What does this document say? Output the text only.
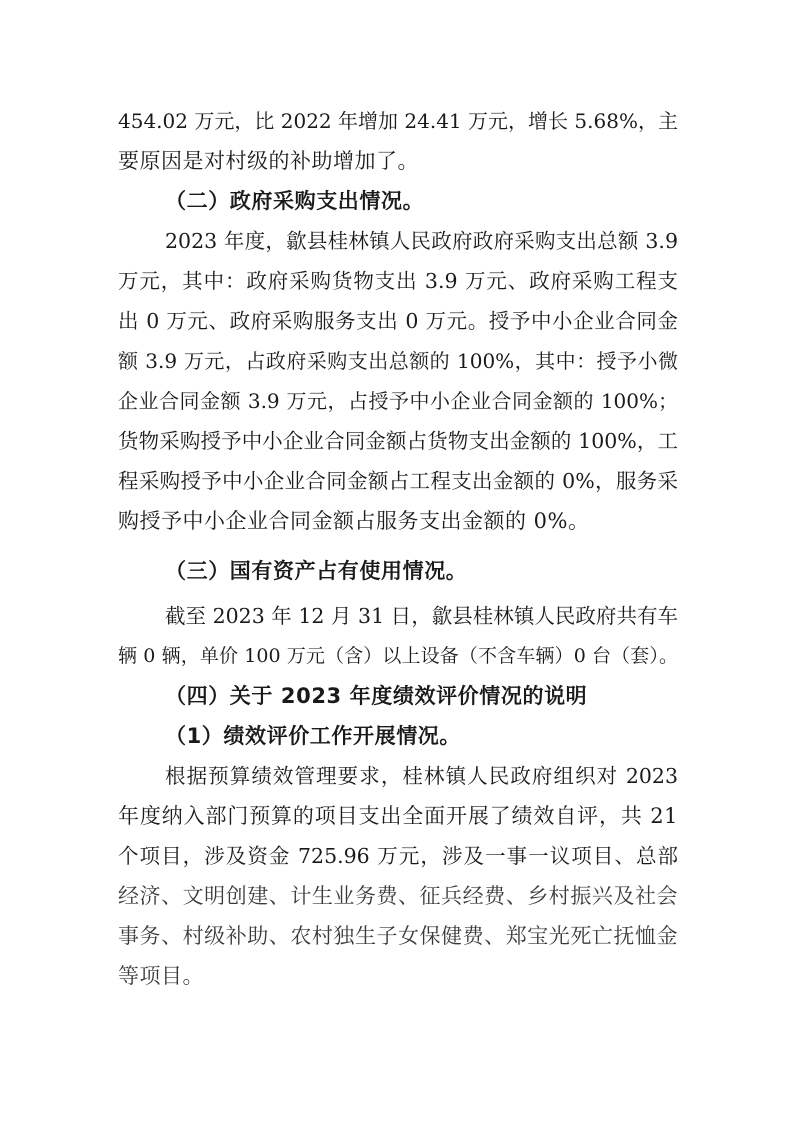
454.02 万元，比 2022 年增加 24.41 万元，增长 5.68%，主
要原因是对村级的补助增加了。
（二）政府采购支出情况。
2023 年度，歙县桂林镇人民政府政府采购支出总额 3.9
万元，其中：政府采购货物支出 3.9 万元、政府采购工程支
出 0 万元、政府采购服务支出 0 万元。授予中小企业合同金
额 3.9 万元，占政府采购支出总额的 100%，其中：授予小微
企业合同金额 3.9 万元，占授予中小企业合同金额的 100%；
货物采购授予中小企业合同金额占货物支出金额的 100%，工
程采购授予中小企业合同金额占工程支出金额的 0%，服务采
购授予中小企业合同金额占服务支出金额的 0%。
（三）国有资产占有使用情况。
截至 2023 年 12 月 31 日，歙县桂林镇人民政府共有车
辆 0 辆，单价 100 万元（含）以上设备（不含车辆）0 台（套）。
（四）关于 2023 年度绩效评价情况的说明
（1）绩效评价工作开展情况。
根据预算绩效管理要求，桂林镇人民政府组织对 2023
年度纳入部门预算的项目支出全面开展了绩效自评，共 21
个项目，涉及资金 725.96 万元，涉及一事一议项目、总部
经济、文明创建、计生业务费、征兵经费、乡村振兴及社会
事务、村级补助、农村独生子女保健费、郑宝光死亡抚恤金
等项目。
